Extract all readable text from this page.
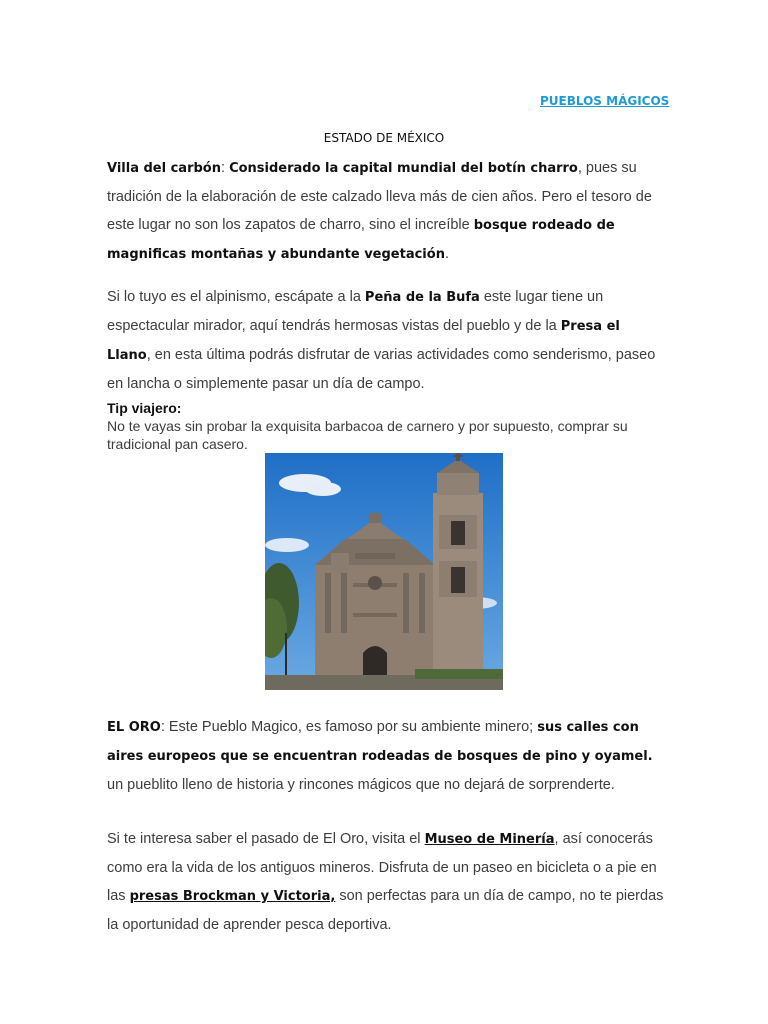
PUEBLOS MÁGICOS
ESTADO DE MÉXICO
Villa del carbón: Considerado la capital mundial del botín charro, pues su tradición de la elaboración de este calzado lleva más de cien años. Pero el tesoro de este lugar no son los zapatos de charro, sino el increíble bosque rodeado de magnificas montañas y abundante vegetación.
Si lo tuyo es el alpinismo, escápate a la Peña de la Bufa este lugar tiene un espectacular mirador, aquí tendrás hermosas vistas del pueblo y de la Presa el Llano, en esta última podrás disfrutar de varias actividades como senderismo, paseo en lancha o simplemente pasar un día de campo.
Tip viajero:
No te vayas sin probar la exquisita barbacoa de carnero y por supuesto, comprar su tradicional pan casero.
EL ORO: Este Pueblo Magico, es famoso por su ambiente minero; sus calles con aires europeos que se encuentran rodeadas de bosques de pino y oyamel. un pueblito lleno de historia y rincones mágicos que no dejará de sorprenderte.
Si te interesa saber el pasado de El Oro, visita el Museo de Minería, así conocerás como era la vida de los antiguos mineros. Disfruta de un paseo en bicicleta o a pie en las presas Brockman y Victoria, son perfectas para un día de campo, no te pierdas la oportunidad de aprender pesca deportiva.
